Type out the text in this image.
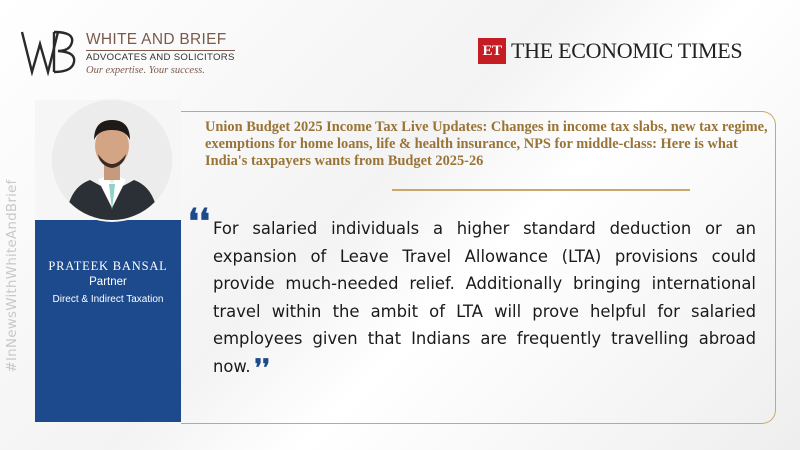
#InNewsWithWhiteAndBrief
WHITE AND BRIEF
ADVOCATES AND SOLICITORS
Our expertise. Your success.
ET THE ECONOMIC TIMES
PRATEEK BANSAL
Partner
Direct & Indirect Taxation
Union Budget 2025 Income Tax Live Updates: Changes in income tax slabs, new tax regime, exemptions for home loans, life & health insurance, NPS for middle-class: Here is what India's taxpayers wants from Budget 2025-26
❛❛ For salaried individuals a higher standard deduction or an expansion of Leave Travel Allowance (LTA) provisions could provide much-needed relief. Additionally bringing international travel within the ambit of LTA will prove helpful for salaried employees given that Indians are frequently travelling abroad now. ❜❜
